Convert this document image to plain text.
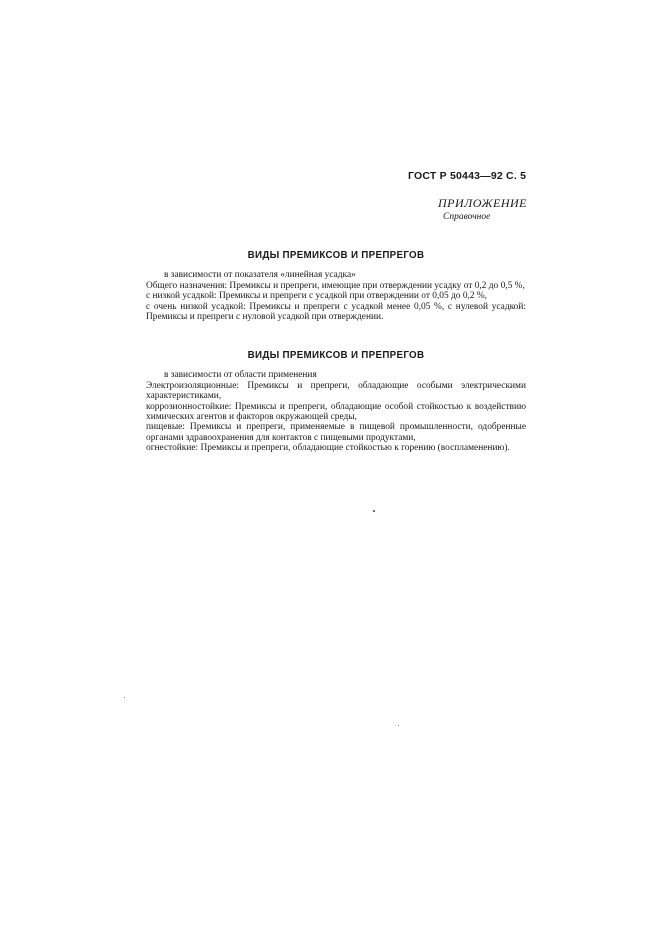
ГОСТ Р 50443—92 С. 5
ПРИЛОЖЕНИЕ
Справочное
ВИДЫ ПРЕМИКСОВ И ПРЕПРЕГОВ
в зависимости от показателя «линейная усадка»
Общего назначения: Премиксы и препреги, имеющие при отверждении усадку от 0,2 до 0,5 %,
с низкой усадкой: Премиксы и препреги с усадкой при отверждении от 0,05 до 0,2 %,
с очень низкой усадкой: Премиксы и препреги с усадкой менее 0,05 %, с нулевой усадкой: Премиксы и препреги с нуловой усадкой при отверждении.
ВИДЫ ПРЕМИКСОВ И ПРЕПРЕГОВ
в зависимости от области применения
Электроизоляционные: Премиксы и препреги, обладающие особыми электрическими характеристиками,
коррозионностойкие: Премиксы и препреги, обладающие особой стойкостью к воздействию химических агентов и факторов окружающей среды,
пищевые: Премиксы и препреги, применяемые в пищевой промышленности, одобренные органами здравоохранения для контактов с пищевыми продуктами,
огнестойкие: Премиксы и препреги, обладающие стойкостью к горению (воспламенению).
